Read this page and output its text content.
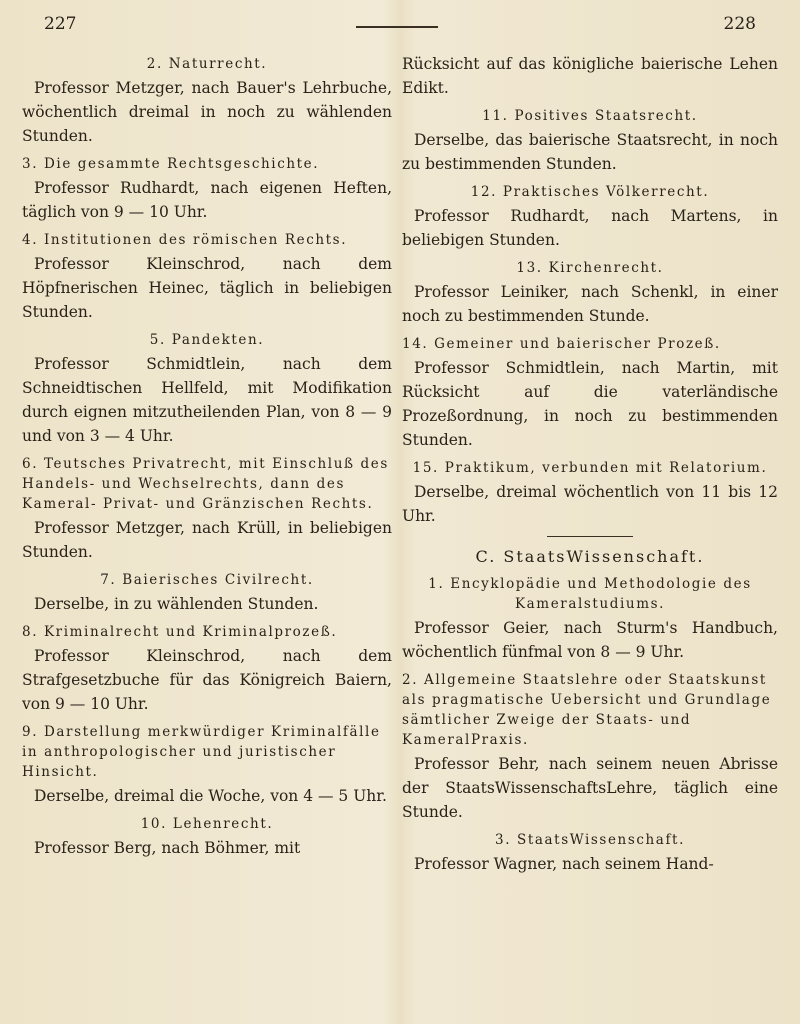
227	228
2. Naturrecht.

Professor Metzger, nach Bauer's Lehrbuche, wöchentlich dreimal in noch zu wählenden Stunden.

3. Die gesammte Rechtsgeschichte.

Professor Rudhardt, nach eigenen Heften, täglich von 9 — 10 Uhr.

4. Institutionen des römischen Rechts.

Professor Kleinschrod, nach dem Höpfnerischen Heinec, täglich in beliebigen Stunden.

5. Pandekten.

Professor Schmidtlein, nach dem Schneidtischen Hellfeld, mit Modifikation durch eignen mitzutheilenden Plan, von 8 — 9 und von 3 — 4 Uhr.

6. Teutsches Privatrecht, mit Einschluß des Handels- und Wechselrechts, dann des Kameral- Privat- und Gränzischen Rechts.

Professor Metzger, nach Krüll, in beliebigen Stunden.

7. Baierisches Civilrecht.

Derselbe, in zu wählenden Stunden.

8. Kriminalrecht und Kriminalprozeß.

Professor Kleinschrod, nach dem Strafgesetzbuche für das Königreich Baiern, von 9 — 10 Uhr.

9. Darstellung merkwürdiger Kriminalfälle in anthropologischer und juristischer Hinsicht.

Derselbe, dreimal die Woche, von 4 — 5 Uhr.

10. Lehenrecht.

Professor Berg, nach Böhmer, mit

Rücksicht auf das königliche baierische Lehen Edikt.

11. Positives Staatsrecht.

Derselbe, das baierische Staatsrecht, in noch zu bestimmenden Stunden.

12. Praktisches Völkerrecht.

Professor Rudhardt, nach Martens, in beliebigen Stunden.

13. Kirchenrecht.

Professor Leiniker, nach Schenkl, in einer noch zu bestimmenden Stunde.

14. Gemeiner und baierischer Prozeß.

Professor Schmidtlein, nach Martin, mit Rücksicht auf die vaterländische Prozeßordnung, in noch zu bestimmenden Stunden.

15. Praktikum, verbunden mit Relatorium.

Derselbe, dreimal wöchentlich von 11 bis 12 Uhr.

C. StaatsWissenschaft.
1. Encyklopädie und Methodologie des Kameralstudiums.

Professor Geier, nach Sturm's Handbuch, wöchentlich fünfmal von 8 — 9 Uhr.

2. Allgemeine Staatslehre oder Staatskunst als pragmatische Uebersicht und Grundlage sämtlicher Zweige der Staats- und KameralPraxis.

Professor Behr, nach seinem neuen Abrisse der StaatsWissenschaftsLehre, täglich eine Stunde.

3. StaatsWissenschaft.

Professor Wagner, nach seinem Hand-
